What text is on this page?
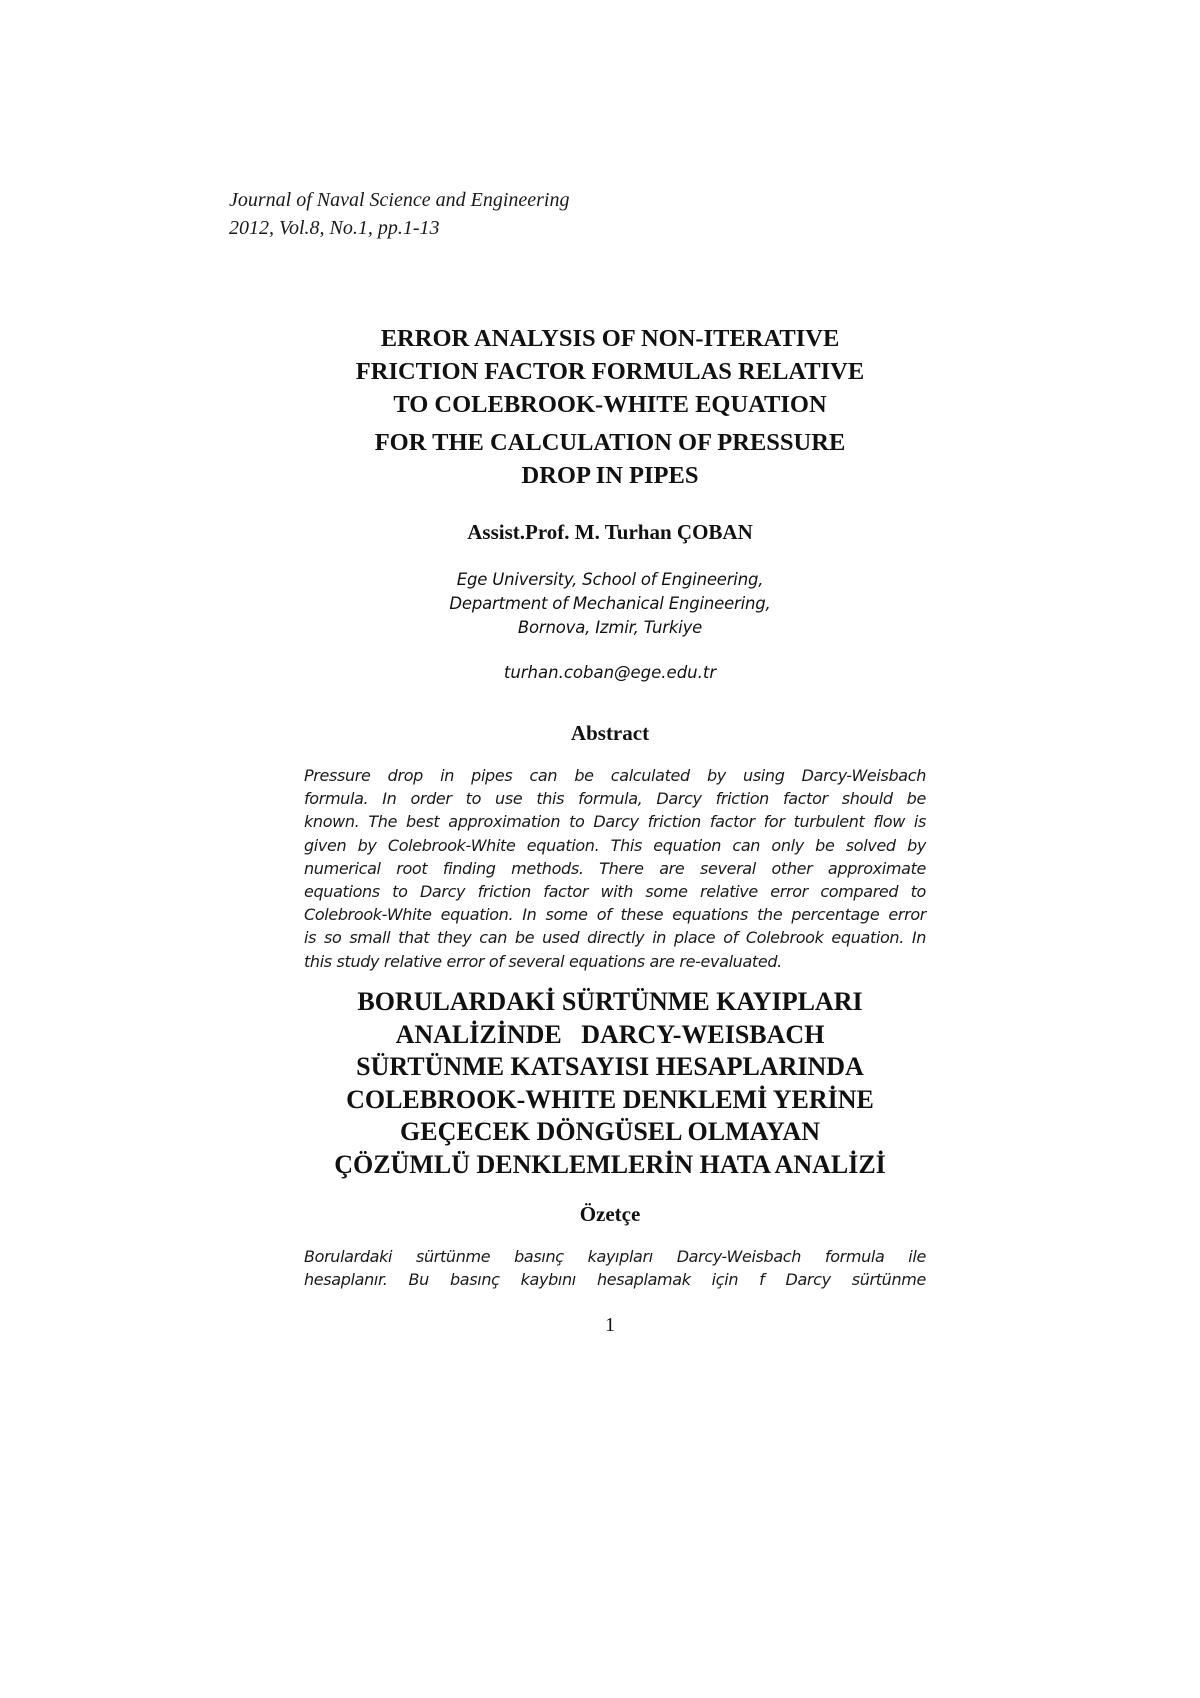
Journal of Naval Science and Engineering
2012, Vol.8, No.1, pp.1-13
ERROR ANALYSIS OF NON-ITERATIVE
FRICTION FACTOR FORMULAS RELATIVE
TO COLEBROOK-WHITE EQUATION
FOR THE CALCULATION OF PRESSURE
DROP IN PIPES
Assist.Prof. M. Turhan ÇOBAN
Ege University, School of Engineering,
Department of Mechanical Engineering,
Bornova, Izmir, Turkiye
turhan.coban@ege.edu.tr
Abstract
Pressure drop in pipes can be calculated by using Darcy-Weisbach
formula. In order to use this formula, Darcy friction factor should be
known. The best approximation to Darcy friction factor for turbulent flow is
given by Colebrook-White equation. This equation can only be solved by
numerical root finding methods. There are several other approximate
equations to Darcy friction factor with some relative error compared to
Colebrook-White equation. In some of these equations the percentage error
is so small that they can be used directly in place of Colebrook equation. In
this study relative error of several equations are re-evaluated.
BORULARDAKİ SÜRTÜNME KAYIPLARI
ANALİZİNDE   DARCY-WEISBACH
SÜRTÜNME KATSAYISI HESAPLARINDA
COLEBROOK-WHITE DENKLEMİ YERİNE
GEÇECEK DÖNGÜSEL OLMAYAN
ÇÖZÜMLÜ DENKLEMLERİN HATA ANALİZİ
Özetçe
Borulardaki sürtünme basınç kayıpları Darcy-Weisbach formula ile
hesaplanır. Bu basınç kaybını hesaplamak için f Darcy sürtünme
1
